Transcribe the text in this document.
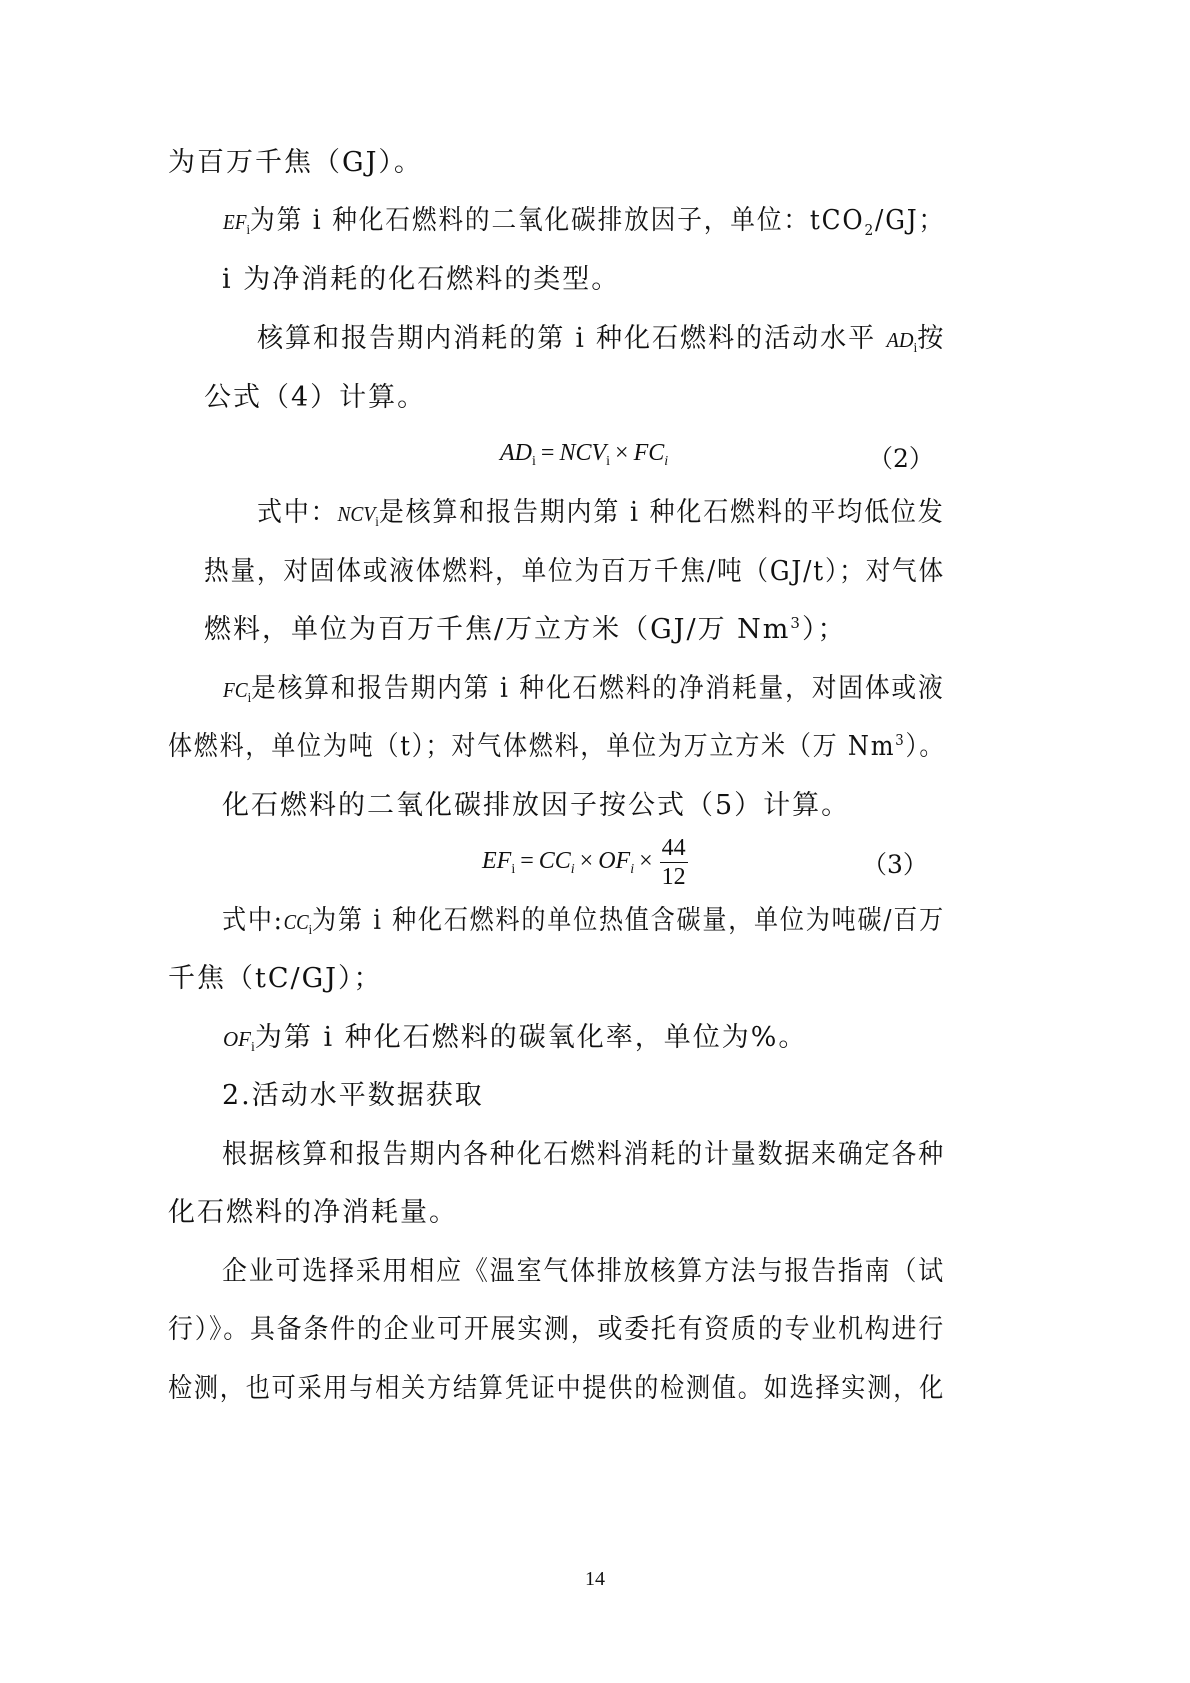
为百万千焦（GJ）。
$EF_i$为第 i 种化石燃料的二氧化碳排放因子，单位：tCO$_2$/GJ；
i 为净消耗的化石燃料的类型。
核算和报告期内消耗的第 i 种化石燃料的活动水平 $AD_i$按
公式（4）计算。
$AD_i = NCV_i \times FC_i$	（2）
式中：$NCV_i$是核算和报告期内第 i 种化石燃料的平均低位发
热量，对固体或液体燃料，单位为百万千焦/吨（GJ/t）；对气体
燃料，单位为百万千焦/万立方米（GJ/万 Nm$^3$）；
$FC_i$是核算和报告期内第 i 种化石燃料的净消耗量，对固体或液
体燃料，单位为吨（t）；对气体燃料，单位为万立方米（万 Nm$^3$）。
化石燃料的二氧化碳排放因子按公式（5）计算。
$EF_i = CC_i \times OF_i \times \frac{44}{12}$	（3）
式中$:CC_i$为第 i 种化石燃料的单位热值含碳量，单位为吨碳/百万
千焦（tC/GJ）；
$OF_i$为第 i 种化石燃料的碳氧化率，单位为%。
2.活动水平数据获取
根据核算和报告期内各种化石燃料消耗的计量数据来确定各种
化石燃料的净消耗量。
企业可选择采用相应《温室气体排放核算方法与报告指南（试
行）》。具备条件的企业可开展实测，或委托有资质的专业机构进行
检测，也可采用与相关方结算凭证中提供的检测值。如选择实测，化
14
